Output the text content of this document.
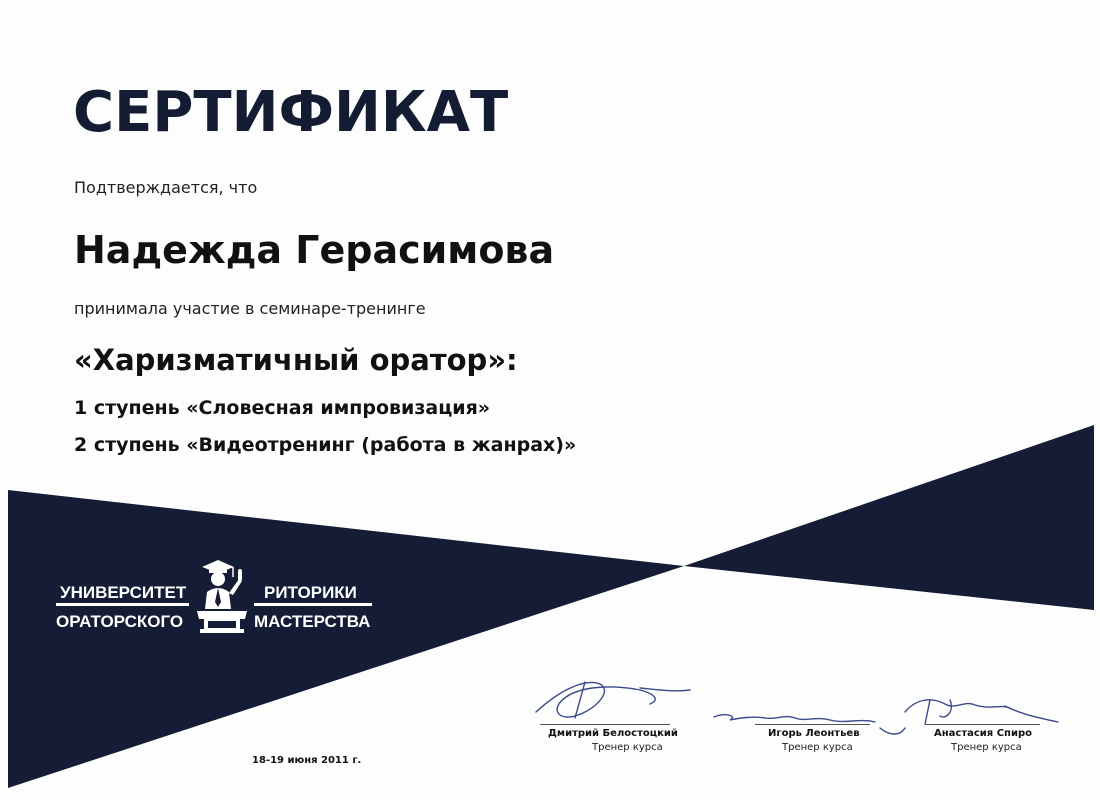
СЕРТИФИКАТ
Подтверждается, что
Надежда Герасимова
принимала участие в семинаре-тренинге
«Харизматичный оратор»:
1 ступень «Словесная импровизация»
2 ступень «Видеотренинг (работа в жанрах)»
УНИВЕРСИТЕТ
ОРАТОРСКОГО
РИТОРИКИ
МАСТЕРСТВА
Дмитрий Белостоцкий
Тренер курса
Игорь Леонтьев
Тренер курса
Анастасия Спиро
Тренер курса
18-19 июня 2011 г.
